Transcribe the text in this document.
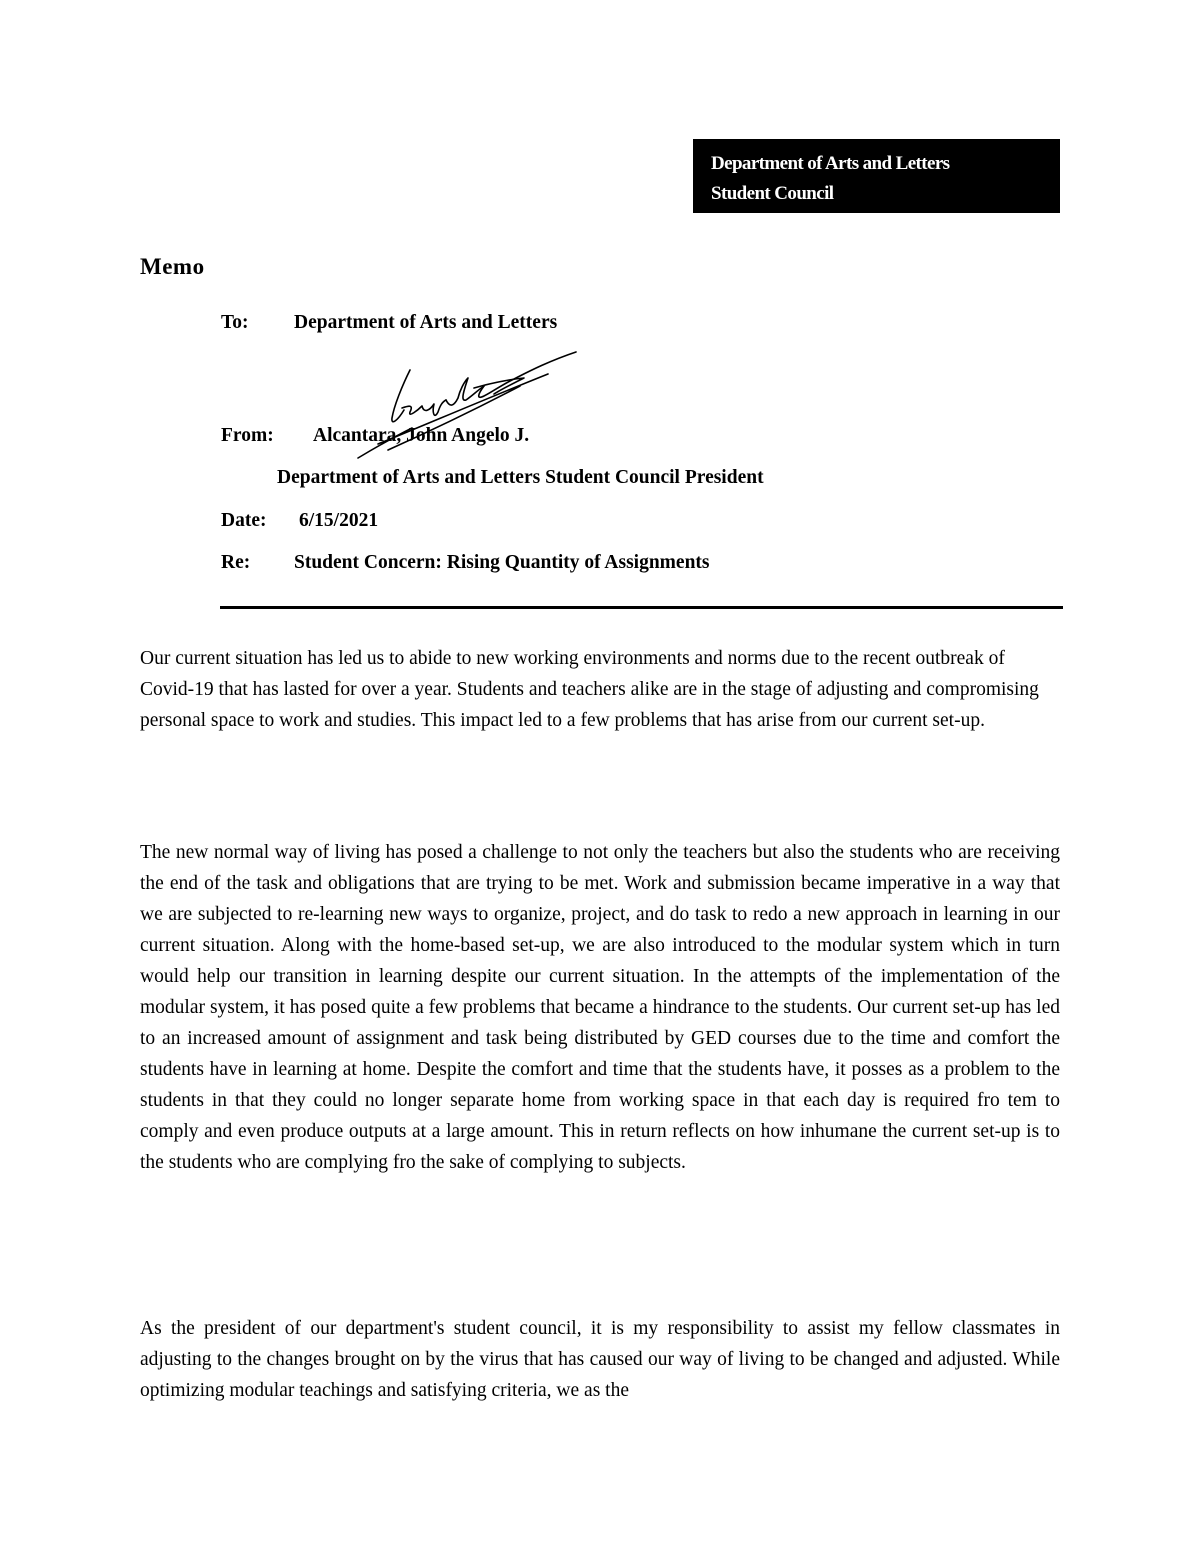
Department of Arts and Letters
Student Council
Memo
To: Department of Arts and Letters
From: Alcantara, John Angelo J.
Department of Arts and Letters Student Council President
Date: 6/15/2021
Re: Student Concern: Rising Quantity of Assignments

Our current situation has led us to abide to new working environments and norms due to the recent outbreak of Covid-19 that has lasted for over a year. Students and teachers alike are in the stage of adjusting and compromising personal space to work and studies. This impact led to a few problems that has arise from our current set-up.

The new normal way of living has posed a challenge to not only the teachers but also the students who are receiving the end of the task and obligations that are trying to be met. Work and submission became imperative in a way that we are subjected to re-learning new ways to organize, project, and do task to redo a new approach in learning in our current situation. Along with the home-based set-up, we are also introduced to the modular system which in turn would help our transition in learning despite our current situation. In the attempts of the implementation of the modular system, it has posed quite a few problems that became a hindrance to the students. Our current set-up has led to an increased amount of assignment and task being distributed by GED courses due to the time and comfort the students have in learning at home. Despite the comfort and time that the students have, it posses as a problem to the students in that they could no longer separate home from working space in that each day is required fro tem to comply and even produce outputs at a large amount. This in return reflects on how inhumane the current set-up is to the students who are complying fro the sake of complying to subjects.

As the president of our department's student council, it is my responsibility to assist my fellow classmates in adjusting to the changes brought on by the virus that has caused our way of living to be changed and adjusted. While optimizing modular teachings and satisfying criteria, we as the
